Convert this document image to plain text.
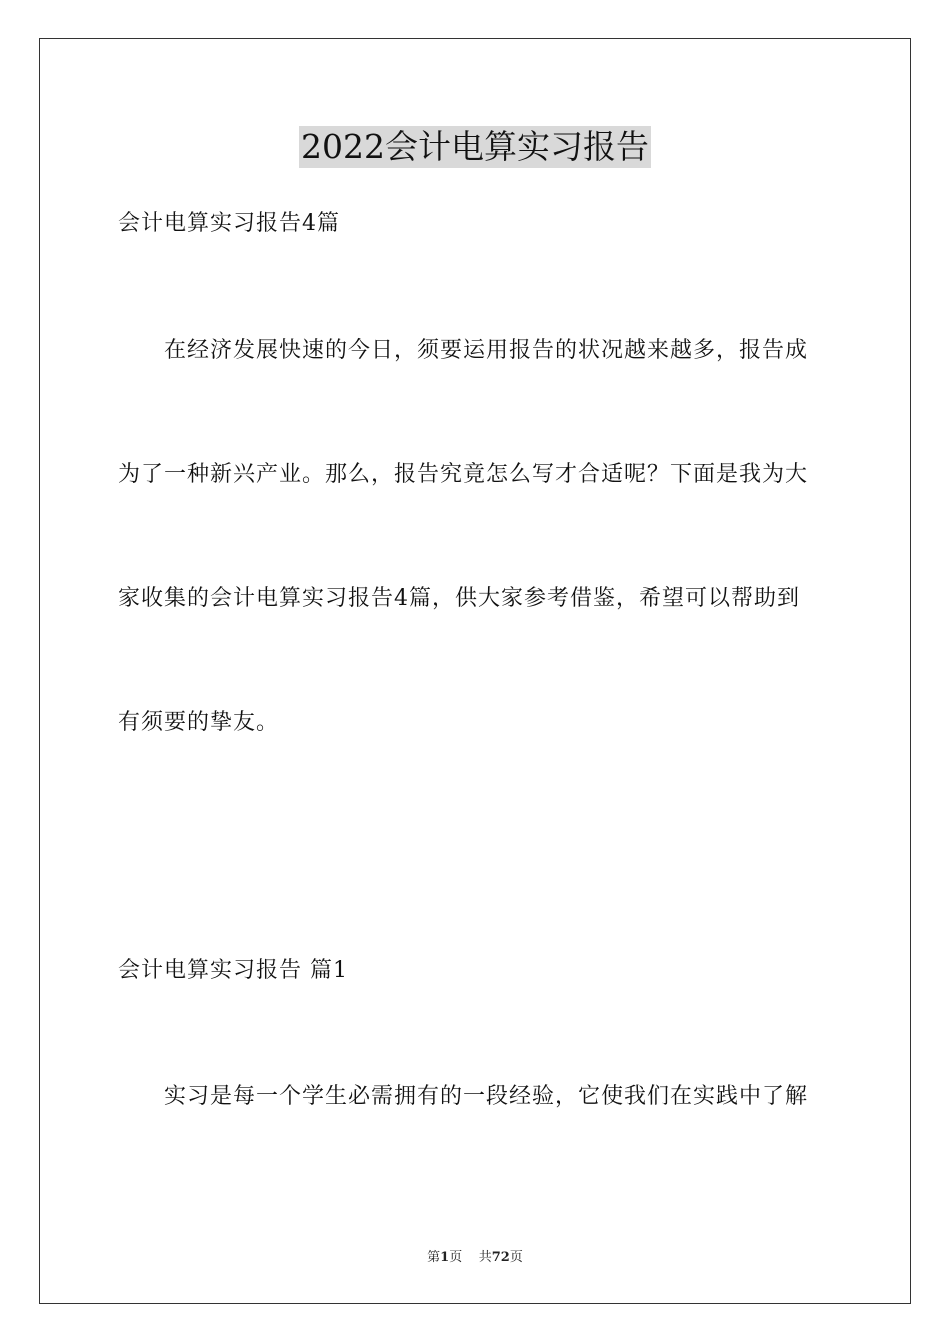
2022会计电算实习报告
会计电算实习报告4篇
在经济发展快速的今日，须要运用报告的状况越来越多，报告成
为了一种新兴产业。那么，报告究竟怎么写才合适呢？下面是我为大
家收集的会计电算实习报告4篇，供大家参考借鉴，希望可以帮助到
有须要的挚友。
会计电算实习报告 篇1
实习是每一个学生必需拥有的一段经验，它使我们在实践中了解
第1页 共72页
